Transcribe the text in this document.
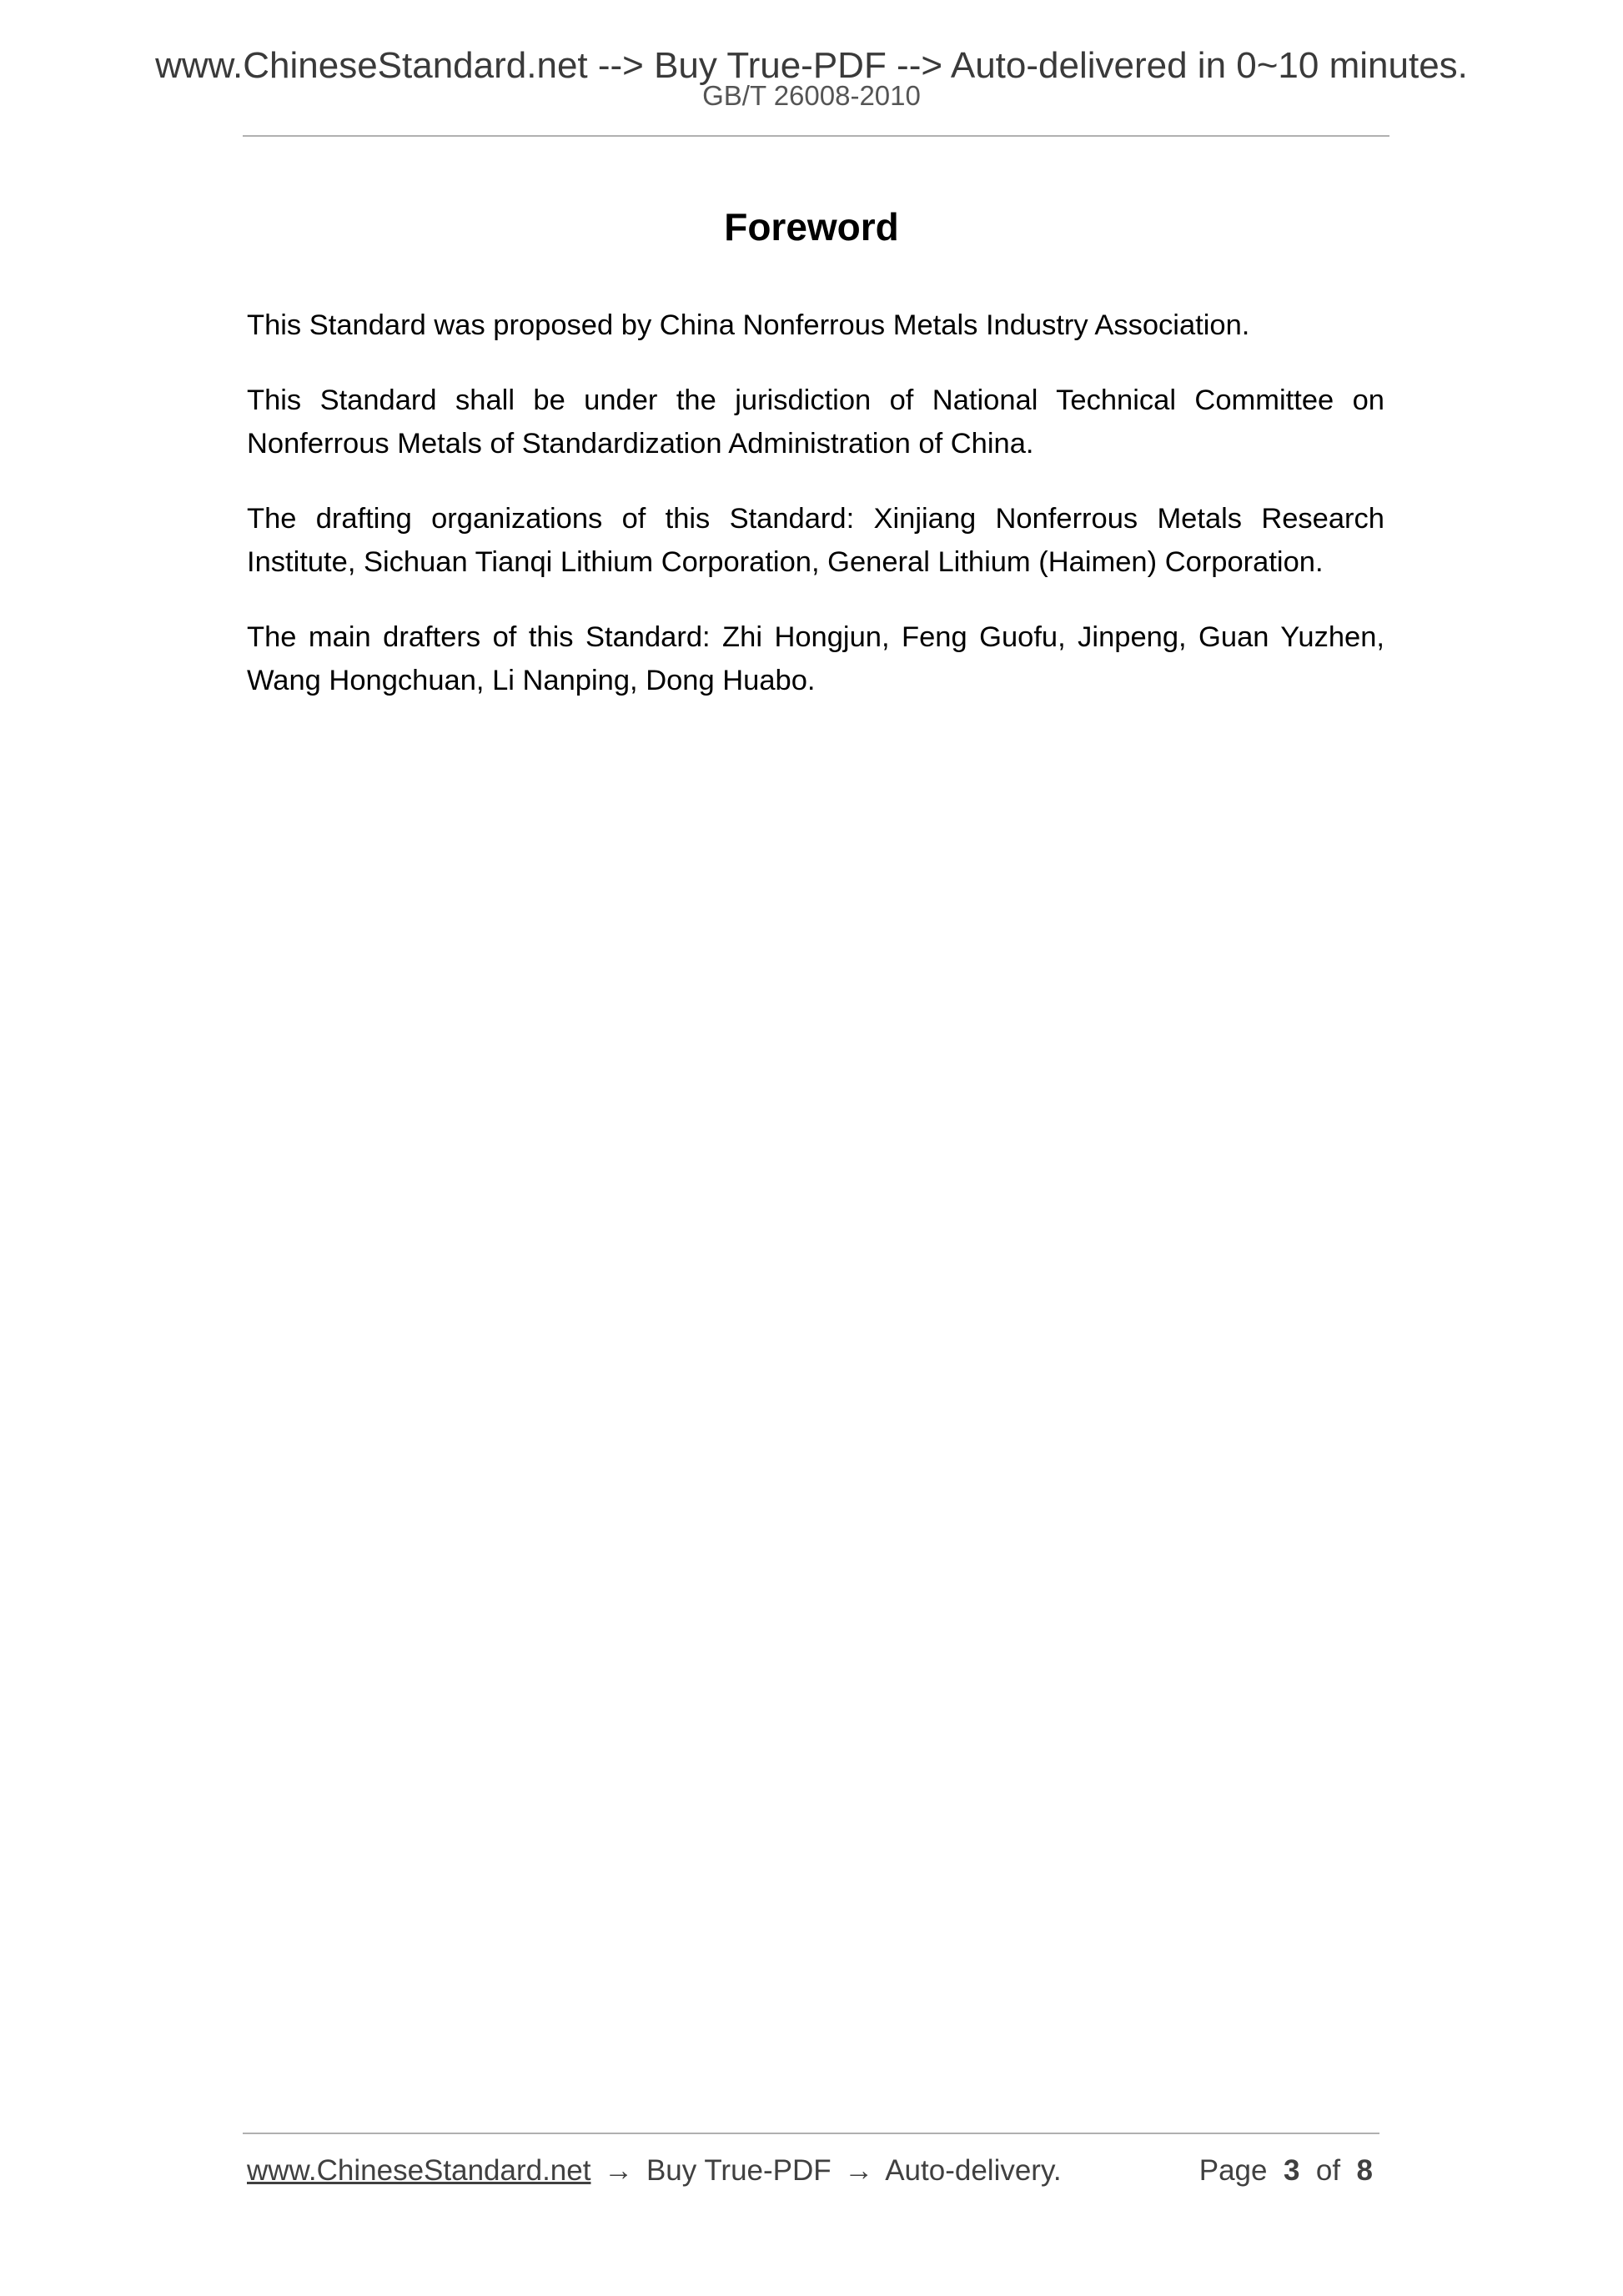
www.ChineseStandard.net --> Buy True-PDF --> Auto-delivered in 0~10 minutes.
GB/T 26008-2010
Foreword

This Standard was proposed by China Nonferrous Metals Industry Association.

This Standard shall be under the jurisdiction of National Technical Committee on Nonferrous Metals of Standardization Administration of China.

The drafting organizations of this Standard: Xinjiang Nonferrous Metals Research Institute, Sichuan Tianqi Lithium Corporation, General Lithium (Haimen) Corporation.

The main drafters of this Standard: Zhi Hongjun, Feng Guofu, Jinpeng, Guan Yuzhen, Wang Hongchuan, Li Nanping, Dong Huabo.

www.ChineseStandard.net → Buy True-PDF → Auto-delivery.	Page 3 of 8
